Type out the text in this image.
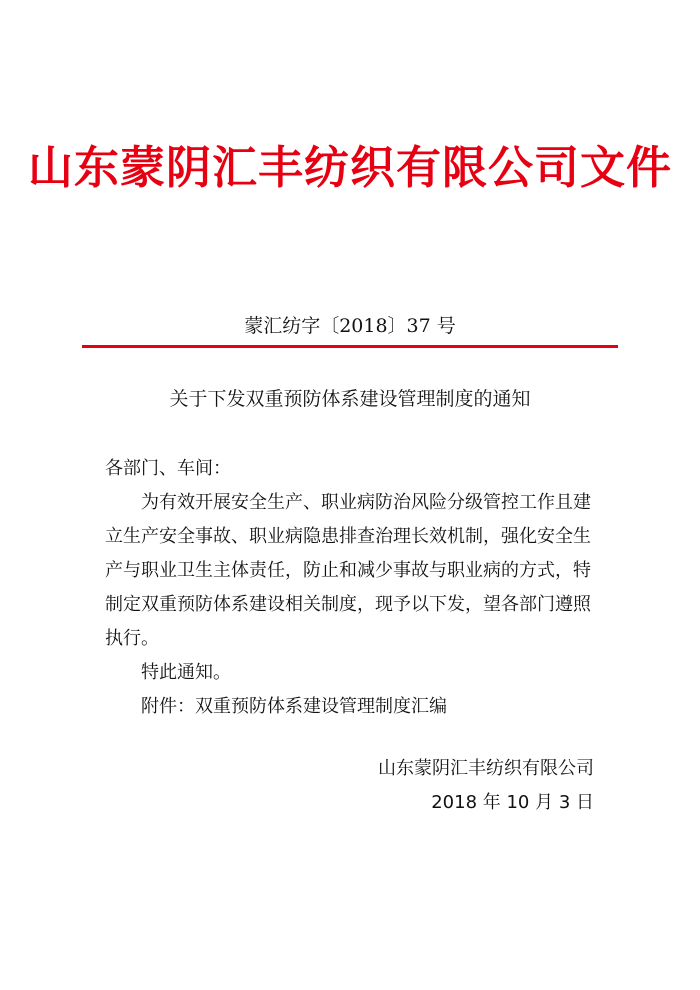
山东蒙阴汇丰纺织有限公司文件
蒙汇纺字〔2018〕37 号
关于下发双重预防体系建设管理制度的通知

各部门、车间：

为有效开展安全生产、职业病防治风险分级管控工作且建立生产安全事故、职业病隐患排查治理长效机制，强化安全生产与职业卫生主体责任，防止和减少事故与职业病的方式，特制定双重预防体系建设相关制度，现予以下发，望各部门遵照执行。

特此通知。

附件：双重预防体系建设管理制度汇编

山东蒙阴汇丰纺织有限公司
2018 年 10 月 3 日
